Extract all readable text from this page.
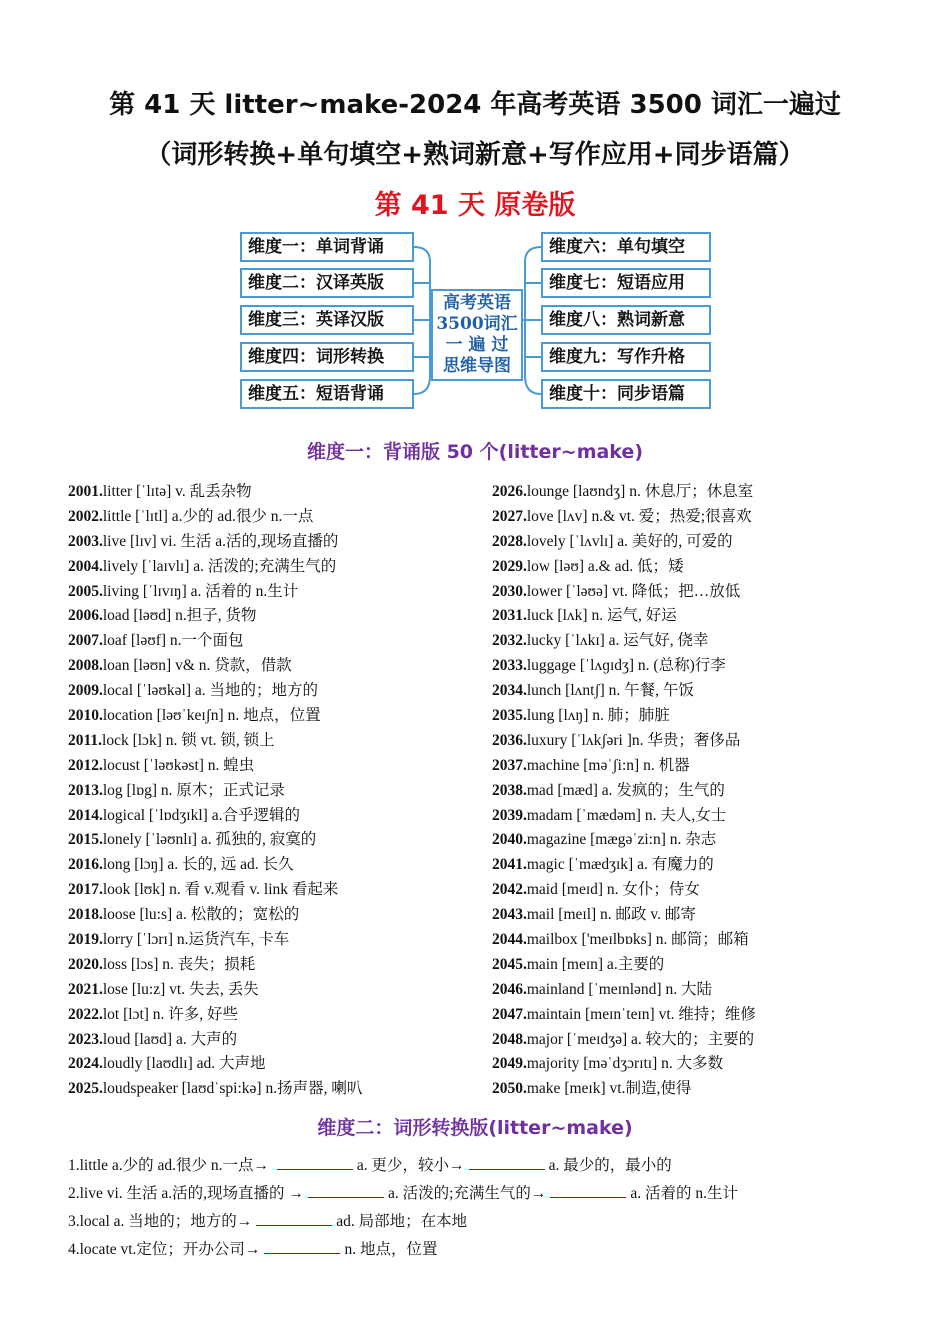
第 41 天 litter~make-2024 年高考英语 3500 词汇一遍过
（词形转换+单句填空+熟词新意+写作应用+同步语篇）
第 41 天 原卷版
维度一：单词背诵
维度二：汉译英版
维度三：英译汉版
维度四：词形转换
维度五：短语背诵
维度六：单句填空
维度七：短语应用
维度八：熟词新意
维度九：写作升格
维度十：同步语篇
高考英语
3500词汇
一 遍 过
思维导图
维度一：背诵版 50 个(litter~make)
2001.litter [ˈlɪtə] v. 乱丢杂物
2002.little [ˈlɪtl] a.少的 ad.很少 n.一点
2003.live [lɪv] vi. 生活 a.活的,现场直播的
2004.lively [ˈlaɪvlɪ] a. 活泼的;充满生气的
2005.living [ˈlɪvɪŋ] a. 活着的 n.生计
2006.load [ləʊd] n.担子, 货物
2007.loaf [ləʊf] n.一个面包
2008.loan [ləʊn] v& n. 贷款，借款
2009.local [ˈləʊkəl] a. 当地的；地方的
2010.location [ləʊˈkeɪʃn] n. 地点，位置
2011.lock [lɔk] n. 锁 vt. 锁, 锁上
2012.locust [ˈləʊkəst] n. 蝗虫
2013.log [lɒg] n. 原木；正式记录
2014.logical [ˈlɒdʒɪkl] a.合乎逻辑的
2015.lonely [ˈləʊnlɪ] a. 孤独的, 寂寞的
2016.long [lɔŋ] a. 长的, 远 ad. 长久
2017.look [lʊk] n. 看 v.观看 v. link 看起来
2018.loose [lu:s] a. 松散的；宽松的
2019.lorry [ˈlɔrɪ] n.运货汽车, 卡车
2020.loss [lɔs] n. 丧失；损耗
2021.lose [lu:z] vt. 失去, 丢失
2022.lot [lɔt] n. 许多, 好些
2023.loud [laʊd] a. 大声的
2024.loudly [laʊdlɪ] ad. 大声地
2025.loudspeaker [laʊdˈspi:kə] n.扬声器, 喇叭
2026.lounge [laʊndʒ] n. 休息厅；休息室
2027.love [lʌv] n.& vt. 爱；热爱;很喜欢
2028.lovely [ˈlʌvlɪ] a. 美好的, 可爱的
2029.low [ləʊ] a.& ad. 低；矮
2030.lower [ˈləʊə] vt. 降低；把…放低
2031.luck [lʌk] n. 运气, 好运
2032.lucky [ˈlʌkɪ] a. 运气好, 侥幸
2033.luggage [ˈlʌɡɪdʒ] n. (总称)行李
2034.lunch [lʌntʃ] n. 午餐, 午饭
2035.lung [lʌŋ] n. 肺；肺脏
2036.luxury [ˈlʌkʃəri ]n. 华贵；奢侈品
2037.machine [məˈʃi:n] n. 机器
2038.mad [mæd] a. 发疯的；生气的
2039.madam [ˈmædəm] n. 夫人,女士
2040.magazine [mægəˈzi:n] n. 杂志
2041.magic [ˈmædʒɪk] a. 有魔力的
2042.maid [meɪd] n. 女仆；侍女
2043.mail [meɪl] n. 邮政 v. 邮寄
2044.mailbox ['meɪlbɒks] n. 邮筒；邮箱
2045.main [meɪn] a.主要的
2046.mainland [ˈmeɪnlənd] n. 大陆
2047.maintain [meɪnˈteɪn] vt. 维持；维修
2048.major [ˈmeɪdʒə] a. 较大的；主要的
2049.majority [məˈdʒɔrɪtɪ] n. 大多数
2050.make [meɪk] vt.制造,使得
维度二：词形转换版(litter~make)
1.little a.少的 ad.很少 n.一点→	a. 更少，较小→	a. 最少的，最小的
2.live vi. 生活 a.活的,现场直播的 →	a. 活泼的;充满生气的→	a. 活着的 n.生计
3.local a. 当地的；地方的→	ad. 局部地；在本地
4.locate vt.定位；开办公司→	n. 地点，位置
